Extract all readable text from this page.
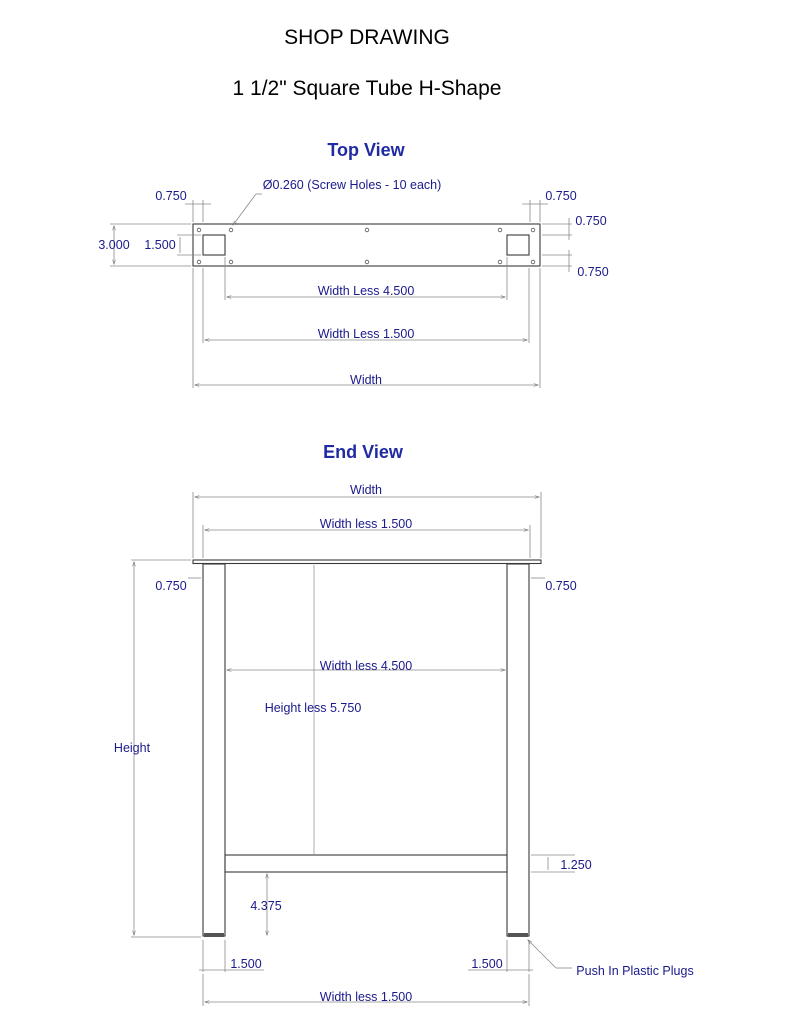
SHOP DRAWING
1 1/2" Square Tube H-Shape
Top View
0.750
Ø0.260 (Screw Holes - 10 each)
0.750
0.750
0.750
3.000 1.500
Width Less 4.500
Width Less 1.500
Width
End View
Width
Width less 1.500
Height less 5.750
Width less 4.500
0.750	0.750
Height
1.250
4.375
1.500	1.500	Push In Plastic Plugs
Width less 1.500
